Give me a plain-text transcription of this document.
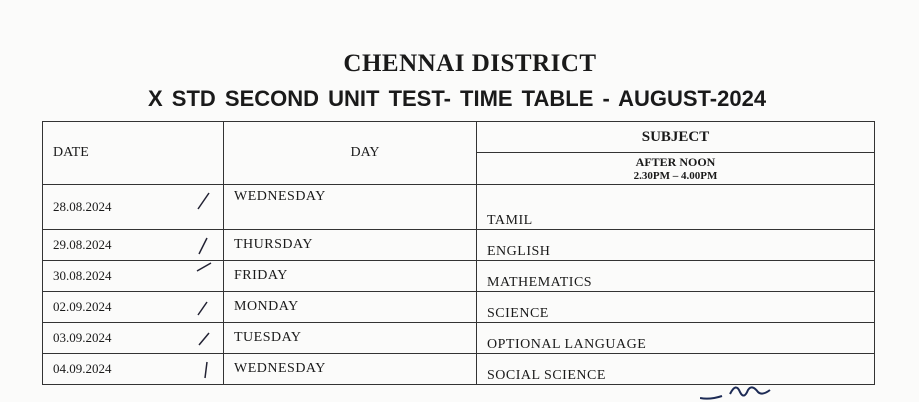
CHENNAI DISTRICT
X STD SECOND UNIT TEST- TIME TABLE - AUGUST-2024
DATE	DAY	SUBJECT

		AFTER NOON
2.30PM – 4.00PM

28.08.2024	WEDNESDAY	TAMIL
29.08.2024	THURSDAY	ENGLISH
30.08.2024	FRIDAY	MATHEMATICS
02.09.2024	MONDAY	SCIENCE
03.09.2024	TUESDAY	OPTIONAL LANGUAGE
04.09.2024	WEDNESDAY	SOCIAL SCIENCE
